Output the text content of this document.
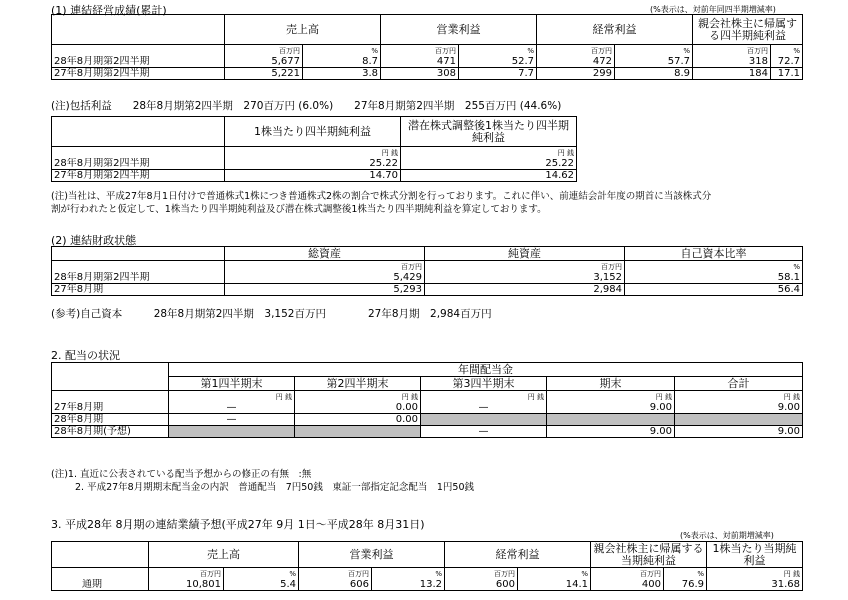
(1) 連結経営成績(累計)	(%表示は、対前年同四半期増減率)
	売上高		営業利益		経常利益		親会社株主に帰属する四半期純利益	
	百万円	%	百万円	%	百万円	%	百万円	%
28年8月期第2四半期	5,677	8.7	471	52.7	472	57.7	318	72.7
27年8月期第2四半期	5,221	3.8	308	7.7	299	8.9	184	17.1
(注)包括利益　　28年8月期第2四半期　270百万円 (6.0%)　　27年8月期第2四半期　255百万円 (44.6%)
	1株当たり四半期純利益	潜在株式調整後1株当たり四半期純利益
	円 銭	円 銭
28年8月期第2四半期	25.22	25.22
27年8月期第2四半期	14.70	14.62
(注)当社は、平成27年8月1日付けで普通株式1株につき普通株式2株の割合で株式分割を行っております。これに伴い、前連結会計年度の期首に当該株式分
割が行われたと仮定して、1株当たり四半期純利益及び潜在株式調整後1株当たり四半期純利益を算定しております。
(2) 連結財政状態
	総資産	純資産	自己資本比率
	百万円	百万円	%
28年8月期第2四半期	5,429	3,152	58.1
27年8月期	5,293	2,984	56.4
(参考)自己資本　　　28年8月期第2四半期　3,152百万円　　　　27年8月期　2,984百万円
2. 配当の状況
	年間配当金				
	第1四半期末	第2四半期末	第3四半期末	期末	合計
	円 銭	円 銭	円 銭	円 銭	円 銭
27年8月期	—	0.00	—	9.00	9.00
28年8月期	—	0.00			
28年8月期(予想)			—	9.00	9.00
(注)1. 直近に公表されている配当予想からの修正の有無　:無
2. 平成27年8月期期末配当金の内訳　普通配当　7円50銭　東証一部指定記念配当　1円50銭
3. 平成28年 8月期の連結業績予想(平成27年 9月 1日～平成28年 8月31日)
(%表示は、対前期増減率)
	売上高		営業利益		経常利益		親会社株主に帰属する当期純利益		1株当たり当期純利益
	百万円	%	百万円	%	百万円	%	百万円	%	円 銭
通期	10,801	5.4	606	13.2	600	14.1	400	76.9	31.68
